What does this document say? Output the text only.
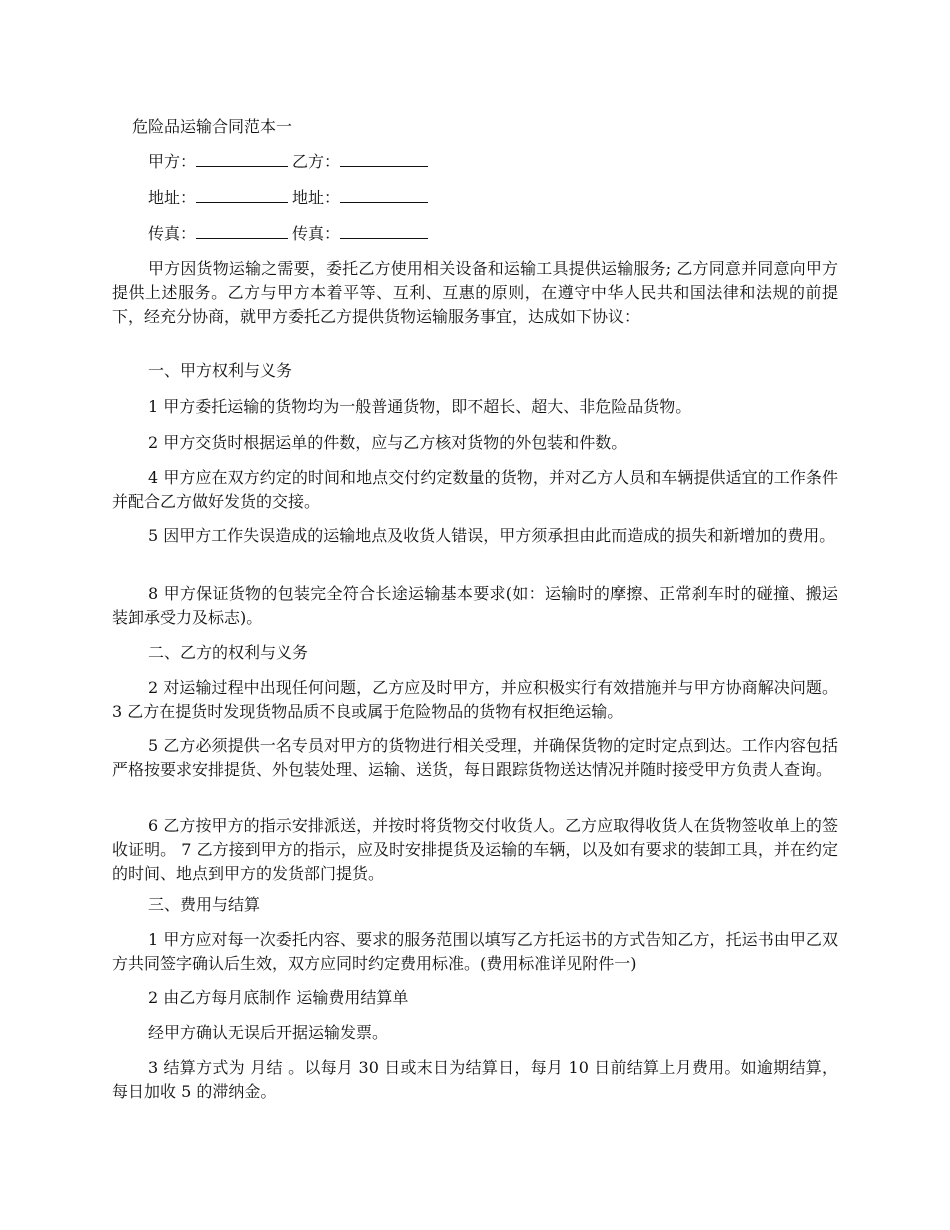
危险品运输合同范本一
甲方：	乙方：
地址：	地址：
传真：	传真：

甲方因货物运输之需要，委托乙方使用相关设备和运输工具提供运输服务; 乙方同意并同意向甲方提供上述服务。乙方与甲方本着平等、互利、互惠的原则，在遵守中华人民共和国法律和法规的前提下，经充分协商，就甲方委托乙方提供货物运输服务事宜，达成如下协议：

一、甲方权利与义务

1 甲方委托运输的货物均为一般普通货物，即不超长、超大、非危险品货物。

2 甲方交货时根据运单的件数，应与乙方核对货物的外包装和件数。

4 甲方应在双方约定的时间和地点交付约定数量的货物，并对乙方人员和车辆提供适宜的工作条件并配合乙方做好发货的交接。

5 因甲方工作失误造成的运输地点及收货人错误，甲方须承担由此而造成的损失和新增加的费用。

8 甲方保证货物的包装完全符合长途运输基本要求(如：运输时的摩擦、正常刹车时的碰撞、搬运装卸承受力及标志)。

二、乙方的权利与义务

2 对运输过程中出现任何问题，乙方应及时甲方，并应积极实行有效措施并与甲方协商解决问题。 3 乙方在提货时发现货物品质不良或属于危险物品的货物有权拒绝运输。

5 乙方必须提供一名专员对甲方的货物进行相关受理，并确保货物的定时定点到达。工作内容包括严格按要求安排提货、外包装处理、运输、送货，每日跟踪货物送达情况并随时接受甲方负责人查询。

6 乙方按甲方的指示安排派送，并按时将货物交付收货人。乙方应取得收货人在货物签收单上的签收证明。 7 乙方接到甲方的指示，应及时安排提货及运输的车辆，以及如有要求的装卸工具，并在约定的时间、地点到甲方的发货部门提货。

三、费用与结算

1 甲方应对每一次委托内容、要求的服务范围以填写乙方托运书的方式告知乙方，托运书由甲乙双方共同签字确认后生效，双方应同时约定费用标准。(费用标准详见附件一)

2 由乙方每月底制作 运输费用结算单

经甲方确认无误后开据运输发票。

3 结算方式为 月结 。以每月 30 日或末日为结算日，每月 10 日前结算上月费用。如逾期结算，每日加收 5 的滞纳金。
